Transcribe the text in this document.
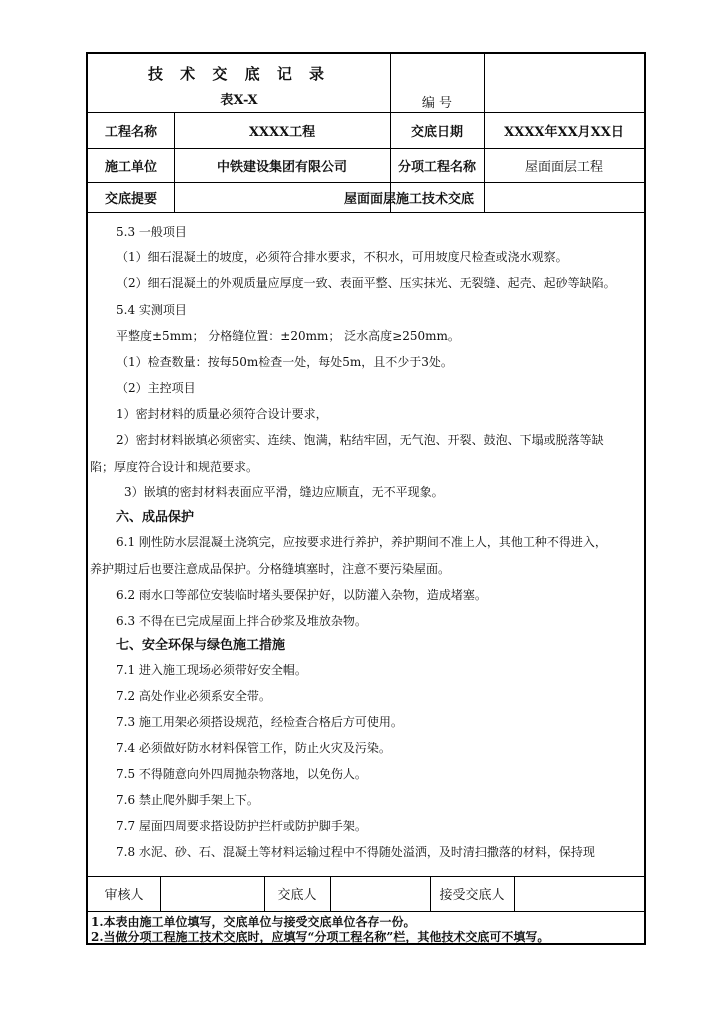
技 术 交 底 记 录
表X-X	编 号
工程名称	XXXX工程	交底日期	XXXX年XX月XX日
施工单位	中铁建设集团有限公司	分项工程名称	屋面面层工程
交底提要	屋面面层施工技术交底
5.3 一般项目
（1）细石混凝土的坡度，必须符合排水要求，不积水，可用坡度尺检查或浇水观察。
（2）细石混凝土的外观质量应厚度一致、表面平整、压实抹光、无裂缝、起壳、起砂等缺陷。
5.4 实测项目
平整度±5mm； 分格缝位置：±20mm； 泛水高度≥250mm。
（1）检查数量：按每50m检查一处，每处5m，且不少于3处。
（2）主控项目
1）密封材料的质量必须符合设计要求，
2）密封材料嵌填必须密实、连续、饱满，粘结牢固，无气泡、开裂、鼓泡、下塌或脱落等缺
陷；厚度符合设计和规范要求。
3）嵌填的密封材料表面应平滑，缝边应顺直，无不平现象。
六、成品保护
6.1 刚性防水层混凝土浇筑完，应按要求进行养护，养护期间不准上人，其他工种不得进入，
养护期过后也要注意成品保护。分格缝填塞时，注意不要污染屋面。
6.2 雨水口等部位安装临时堵头要保护好，以防灌入杂物，造成堵塞。
6.3 不得在已完成屋面上拌合砂浆及堆放杂物。
七、安全环保与绿色施工措施
7.1 进入施工现场必须带好安全帽。
7.2 高处作业必须系安全带。
7.3 施工用架必须搭设规范，经检查合格后方可使用。
7.4 必须做好防水材料保管工作，防止火灾及污染。
7.5 不得随意向外四周抛杂物落地，以免伤人。
7.6 禁止爬外脚手架上下。
7.7 屋面四周要求搭设防护拦杆或防护脚手架。
7.8 水泥、砂、石、混凝土等材料运输过程中不得随处溢洒，及时清扫撒落的材料，保持现
审核人	交底人	接受交底人
1.本表由施工单位填写，交底单位与接受交底单位各存一份。
2.当做分项工程施工技术交底时，应填写“分项工程名称”栏，其他技术交底可不填写。
